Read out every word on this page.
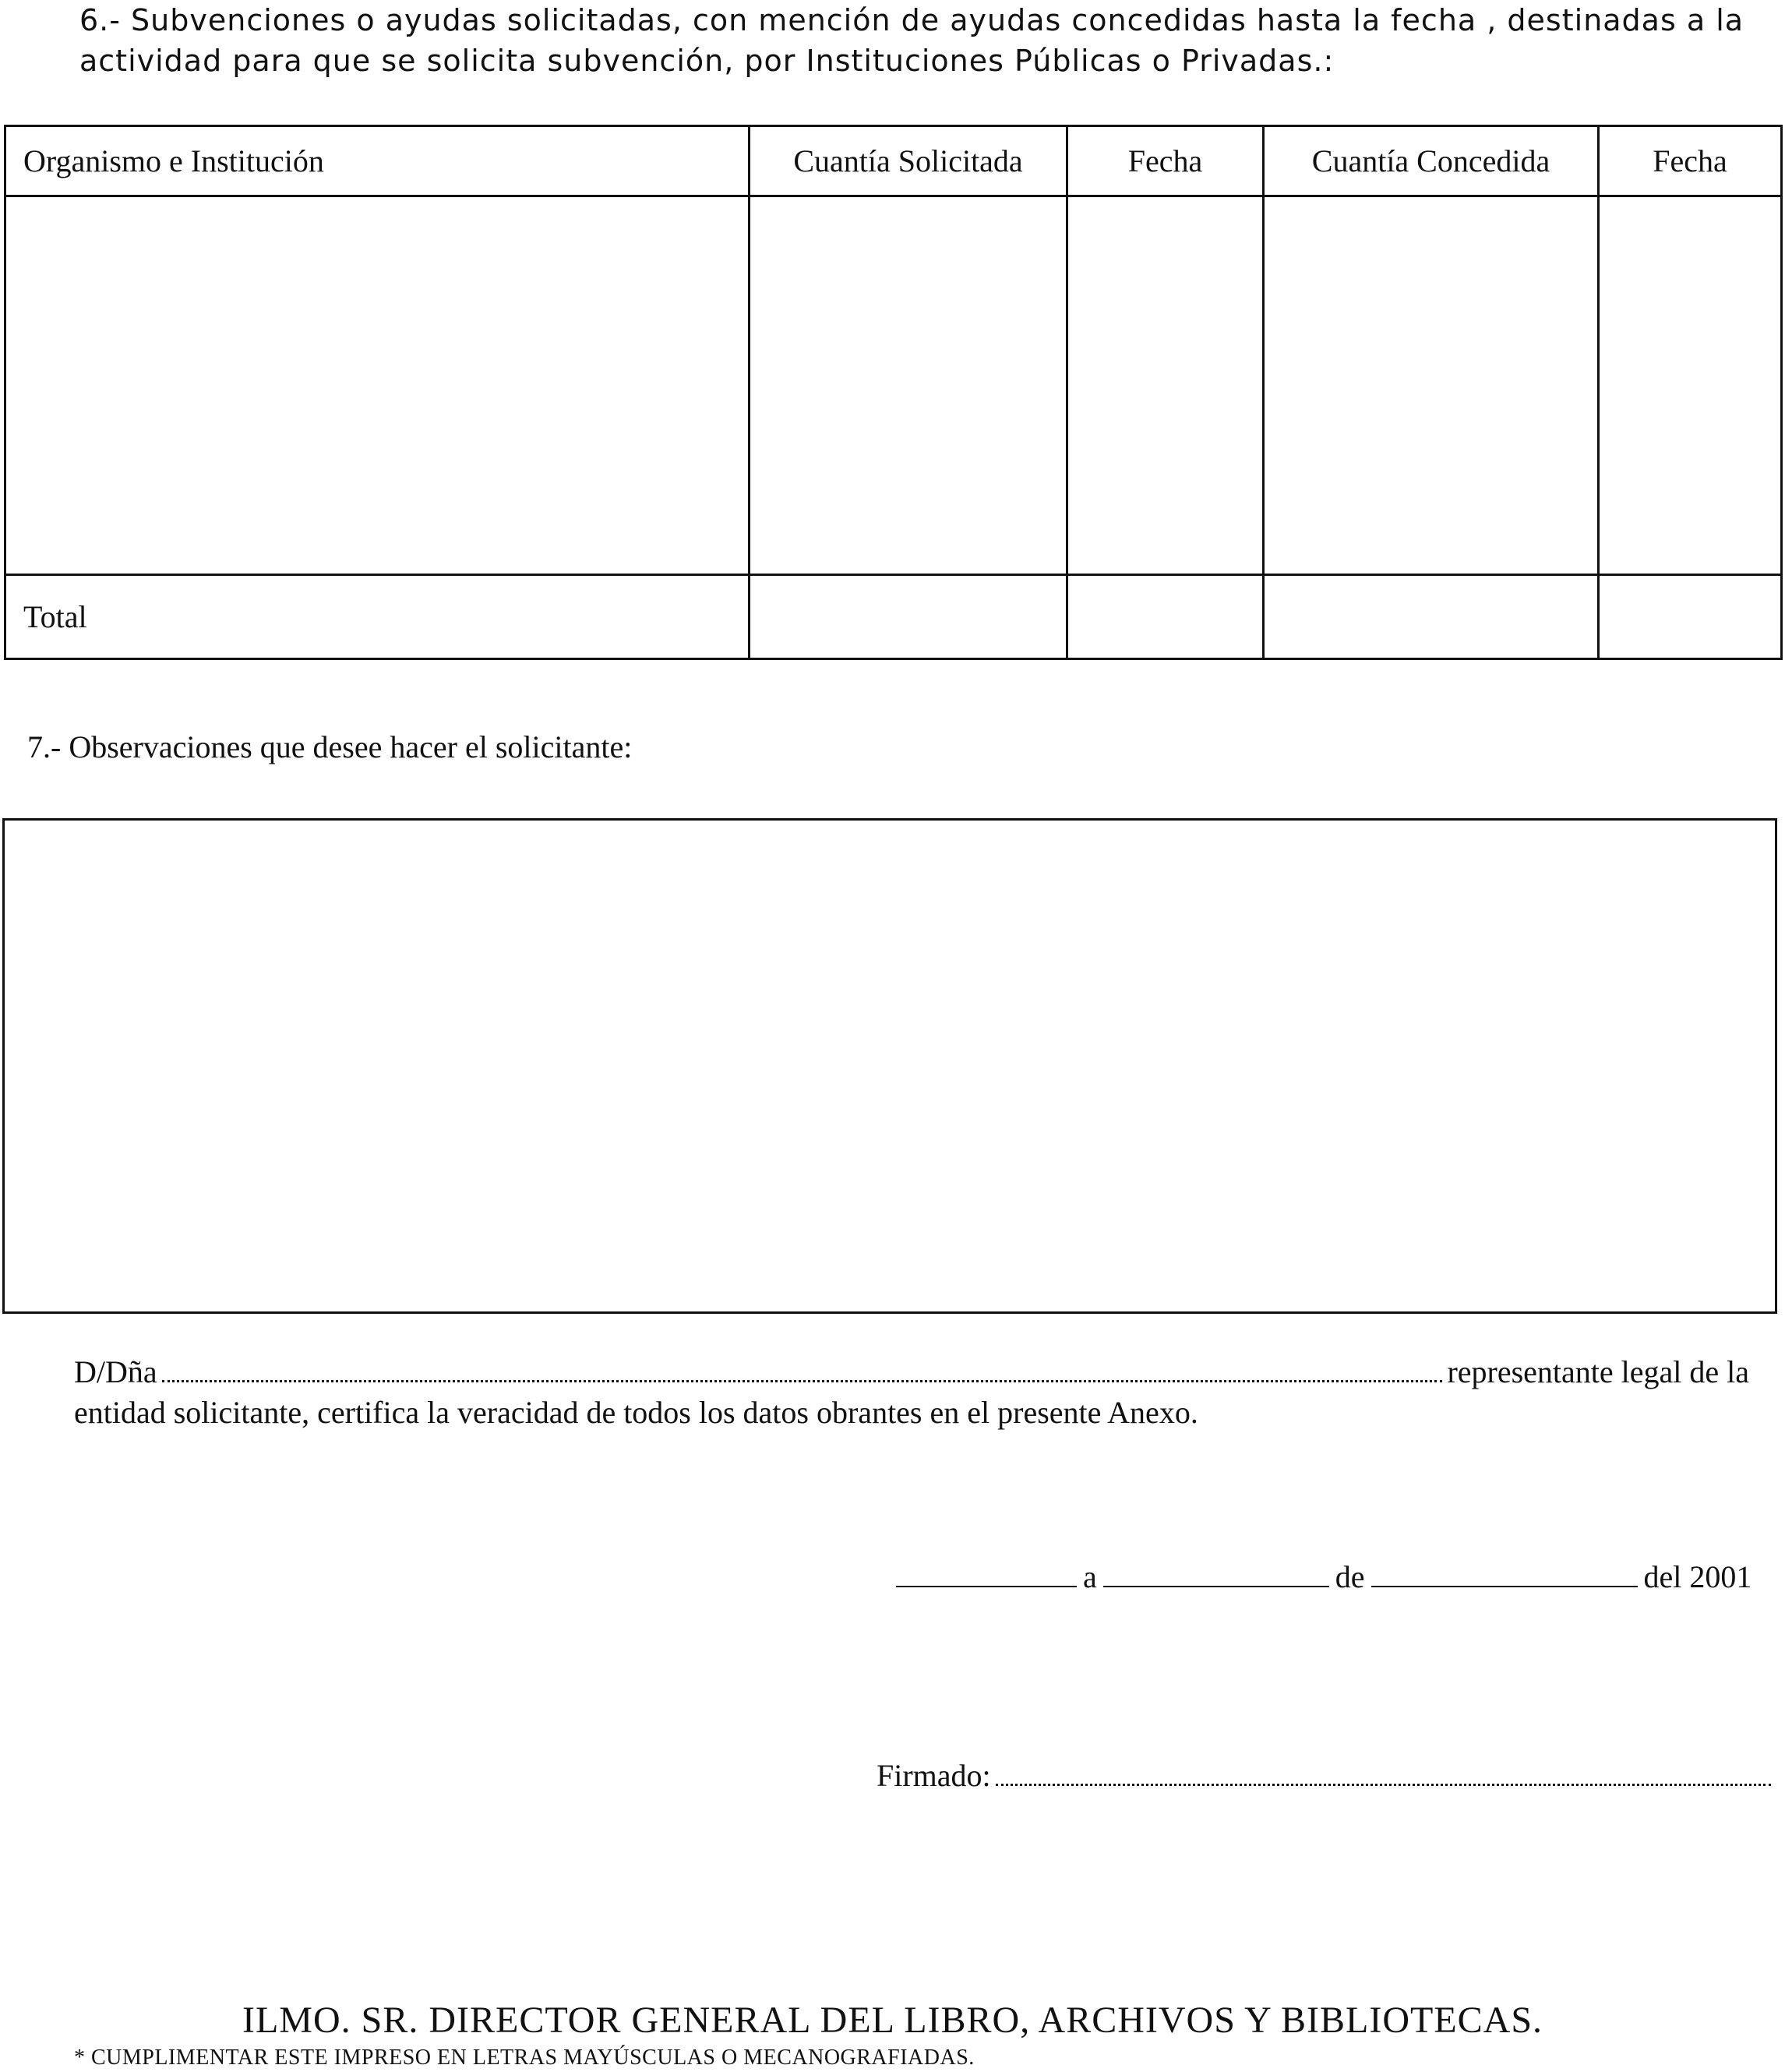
6.- Subvenciones o ayudas solicitadas, con mención de ayudas concedidas hasta la fecha , destinadas a la actividad para que se solicita subvención, por Instituciones Públicas o Privadas.:
Organismo e Institución	Cuantía Solicitada	Fecha	Cuantía Concedida	Fecha

Total				
7.- Observaciones que desee hacer el solicitante:
D/Dña	representante legal de la
entidad solicitante, certifica la veracidad de todos los datos obrantes en el presente Anexo.
a	de	del 2001
Firmado:
ILMO. SR. DIRECTOR GENERAL DEL LIBRO, ARCHIVOS Y BIBLIOTECAS.
* CUMPLIMENTAR ESTE IMPRESO EN LETRAS MAYÚSCULAS O MECANOGRAFIADAS.
